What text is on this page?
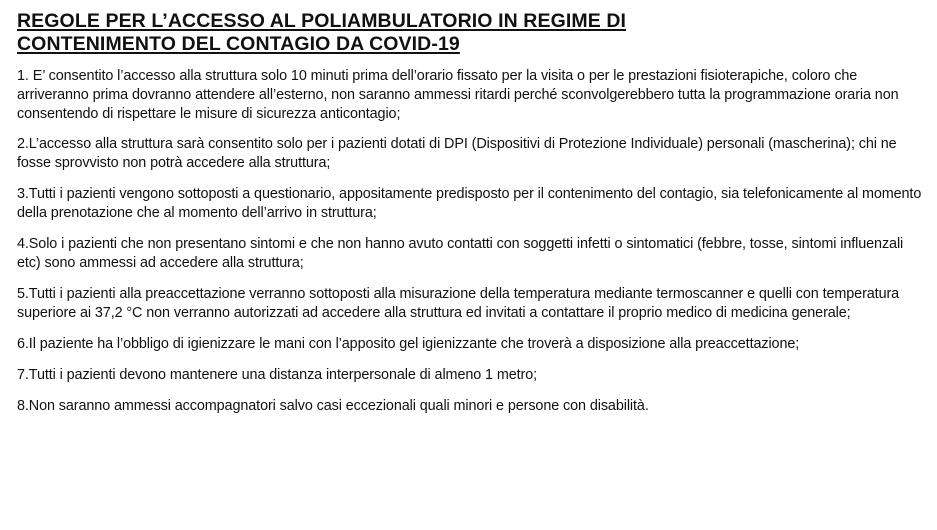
REGOLE PER L’ACCESSO AL POLIAMBULATORIO IN REGIME DI
CONTENIMENTO DEL CONTAGIO DA COVID-19
1. E’ consentito l’accesso alla struttura solo 10 minuti prima dell’orario fissato per la visita o per le prestazioni fisioterapiche, coloro che arriveranno prima dovranno attendere all’esterno, non saranno ammessi ritardi perché sconvolgerebbero tutta la programmazione oraria non consentendo di rispettare le misure di sicurezza anticontagio;
2.L’accesso alla struttura sarà consentito solo per i pazienti dotati di DPI (Dispositivi di Protezione Individuale) personali (mascherina); chi ne fosse sprovvisto non potrà accedere alla struttura;
3.Tutti i pazienti vengono sottoposti a questionario, appositamente predisposto per il contenimento del contagio, sia telefonicamente al momento della prenotazione che al momento dell’arrivo in struttura;
4.Solo i pazienti che non presentano sintomi e che non hanno avuto contatti con soggetti infetti o sintomatici (febbre, tosse, sintomi influenzali etc) sono ammessi ad accedere alla struttura;
5.Tutti i pazienti alla preaccettazione verranno sottoposti alla misurazione della temperatura mediante termoscanner e quelli con temperatura superiore ai 37,2 °C non verranno autorizzati ad accedere alla struttura ed invitati a contattare il proprio medico di medicina generale;
6.Il paziente ha l’obbligo di igienizzare le mani con l’apposito gel igienizzante che troverà a disposizione alla preaccettazione;
7.Tutti i pazienti devono mantenere una distanza interpersonale di almeno 1 metro;
8.Non saranno ammessi accompagnatori salvo casi eccezionali quali minori e persone con disabilità.
